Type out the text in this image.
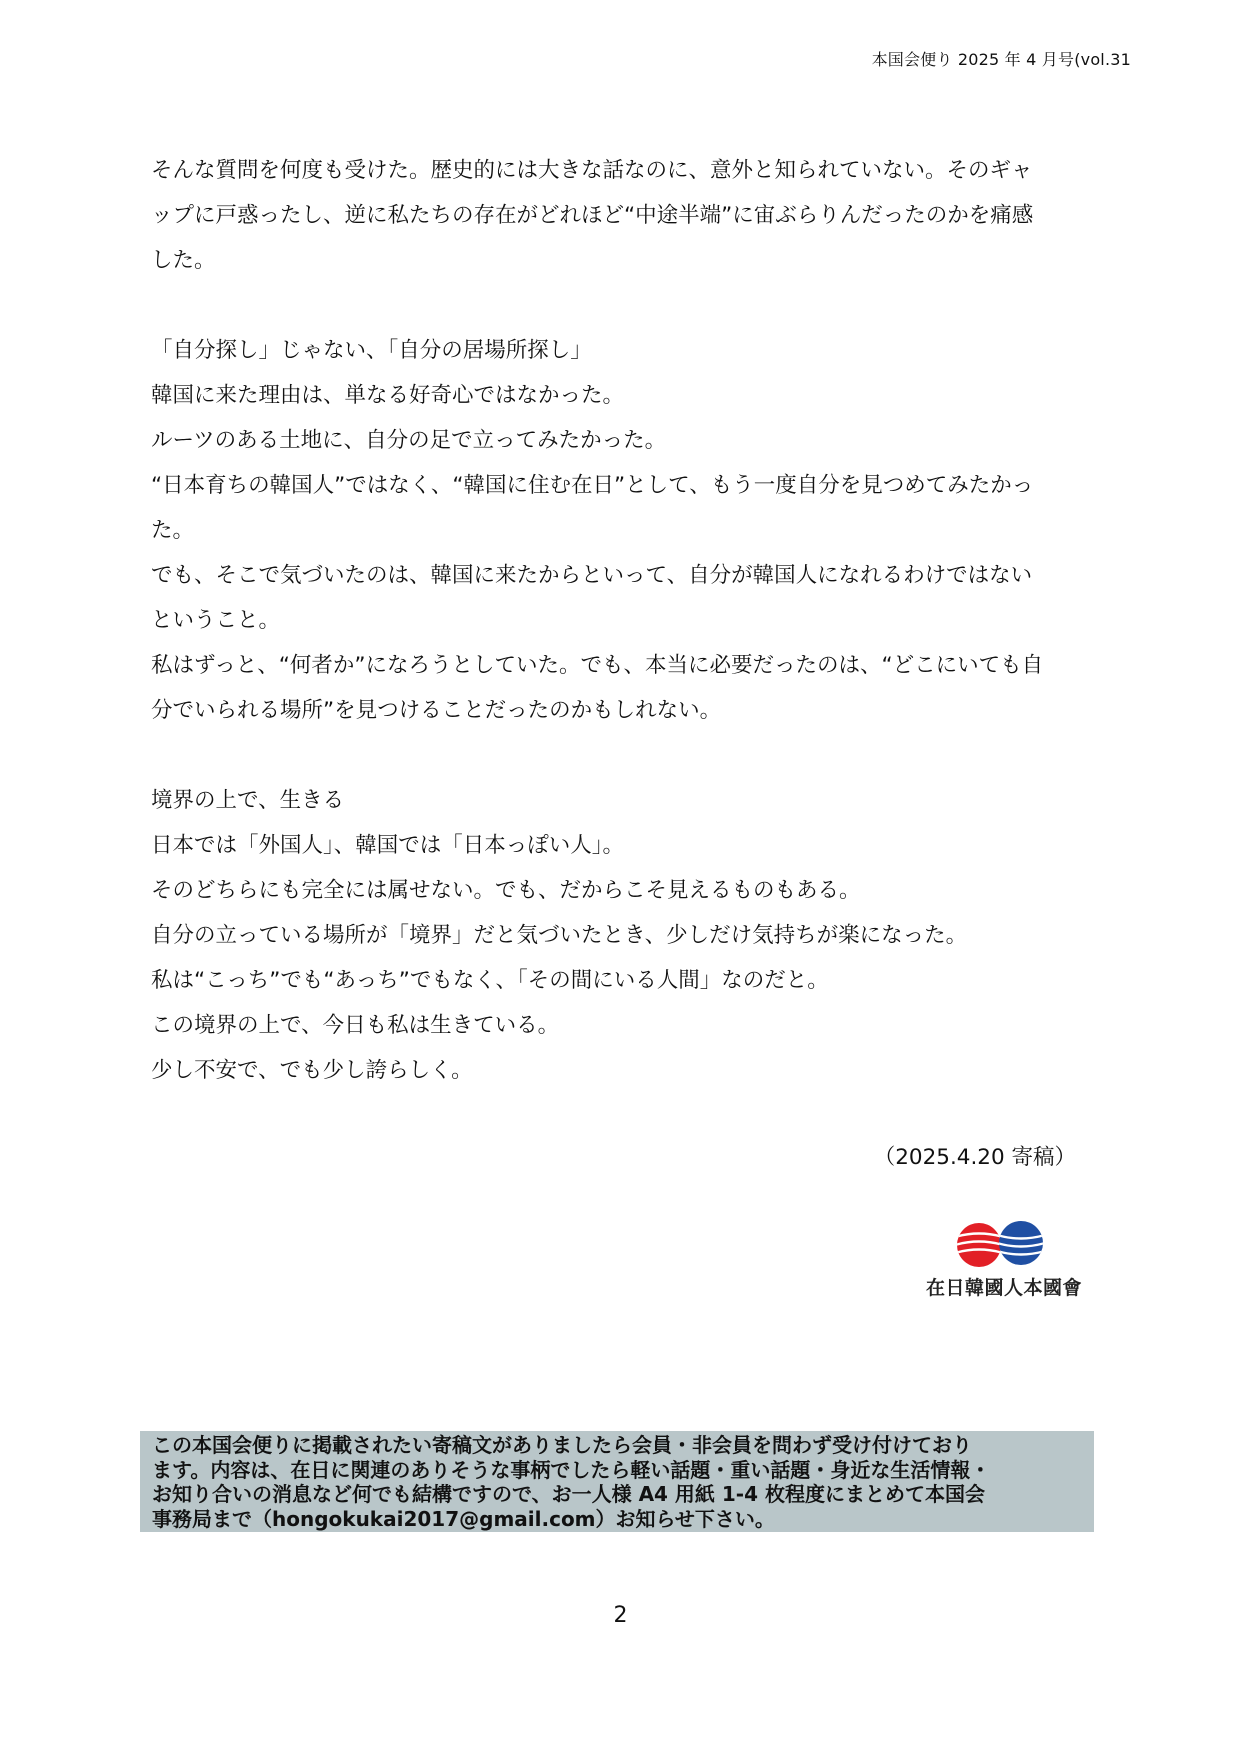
本国会便り 2025 年 4 月号(vol.31
そんな質問を何度も受けた。歴史的には大きな話なのに、意外と知られていない。そのギャ
ップに戸惑ったし、逆に私たちの存在がどれほど“中途半端”に宙ぶらりんだったのかを痛感
した。
「自分探し」じゃない、「自分の居場所探し」
韓国に来た理由は、単なる好奇心ではなかった。
ルーツのある土地に、自分の足で立ってみたかった。
“日本育ちの韓国人”ではなく、“韓国に住む在日”として、もう一度自分を見つめてみたかっ
た。
でも、そこで気づいたのは、韓国に来たからといって、自分が韓国人になれるわけではない
ということ。
私はずっと、“何者か”になろうとしていた。でも、本当に必要だったのは、“どこにいても自
分でいられる場所”を見つけることだったのかもしれない。
境界の上で、生きる
日本では「外国人」、韓国では「日本っぽい人」。
そのどちらにも完全には属せない。でも、だからこそ見えるものもある。
自分の立っている場所が「境界」だと気づいたとき、少しだけ気持ちが楽になった。
私は“こっち”でも“あっち”でもなく、「その間にいる人間」なのだと。
この境界の上で、今日も私は生きている。
少し不安で、でも少し誇らしく。
（2025.4.20 寄稿）
在日韓國人本國會
この本国会便りに掲載されたい寄稿文がありましたら会員・非会員を問わず受け付けており
ます。内容は、在日に関連のありそうな事柄でしたら軽い話題・重い話題・身近な生活情報・
お知り合いの消息など何でも結構ですので、お一人様 A4 用紙 1-4 枚程度にまとめて本国会
事務局まで（hongokukai2017@gmail.com）お知らせ下さい。
2
